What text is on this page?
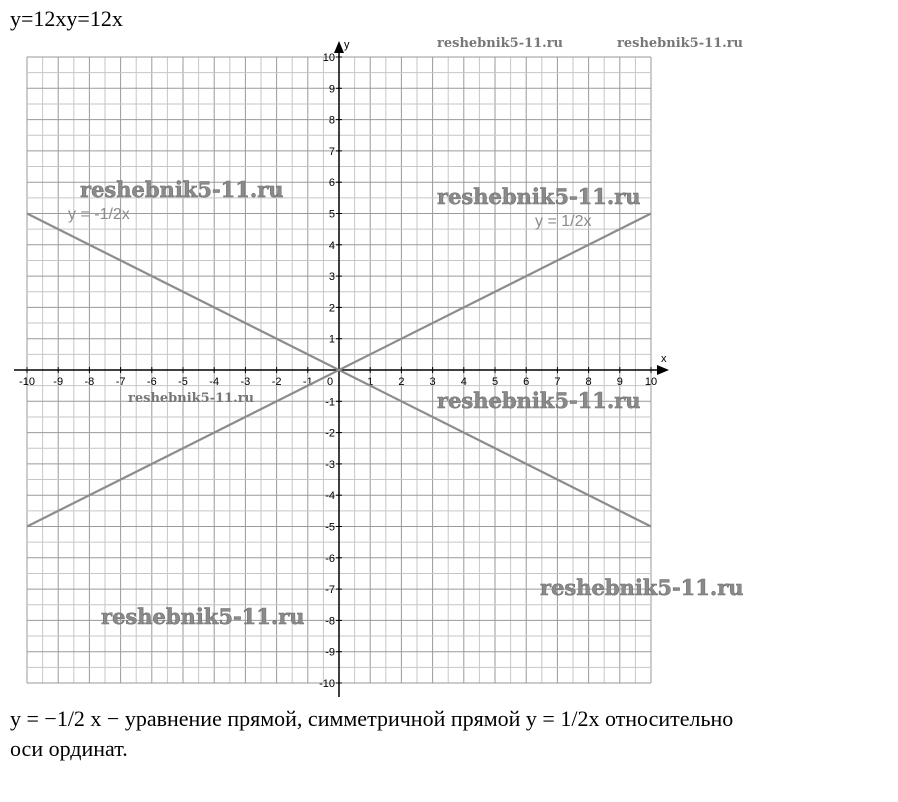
y=12xy=12x
reshebnik5-11.ru	reshebnik5-11.ru
reshebnik5-11.ru	reshebnik5-11.ru
reshebnik5-11.ru	reshebnik5-11.ru
reshebnik5-11.ru
reshebnik5-11.ru
-10 -9 -8 -7 -6 -5 -4 -3 -2 -1 0	1 2 3 4 5 6 7 8 9 10
-10
-9
-8
-7
-6
-5
-4
-3
-2
-1
1
2
3
4
5
6
7
8
9
10
x
y
y = -1/2x	y = 1/2x
y = −1/2 x − уравнение прямой, симметричной прямой y = 1/2x относительно
оси ординат.
